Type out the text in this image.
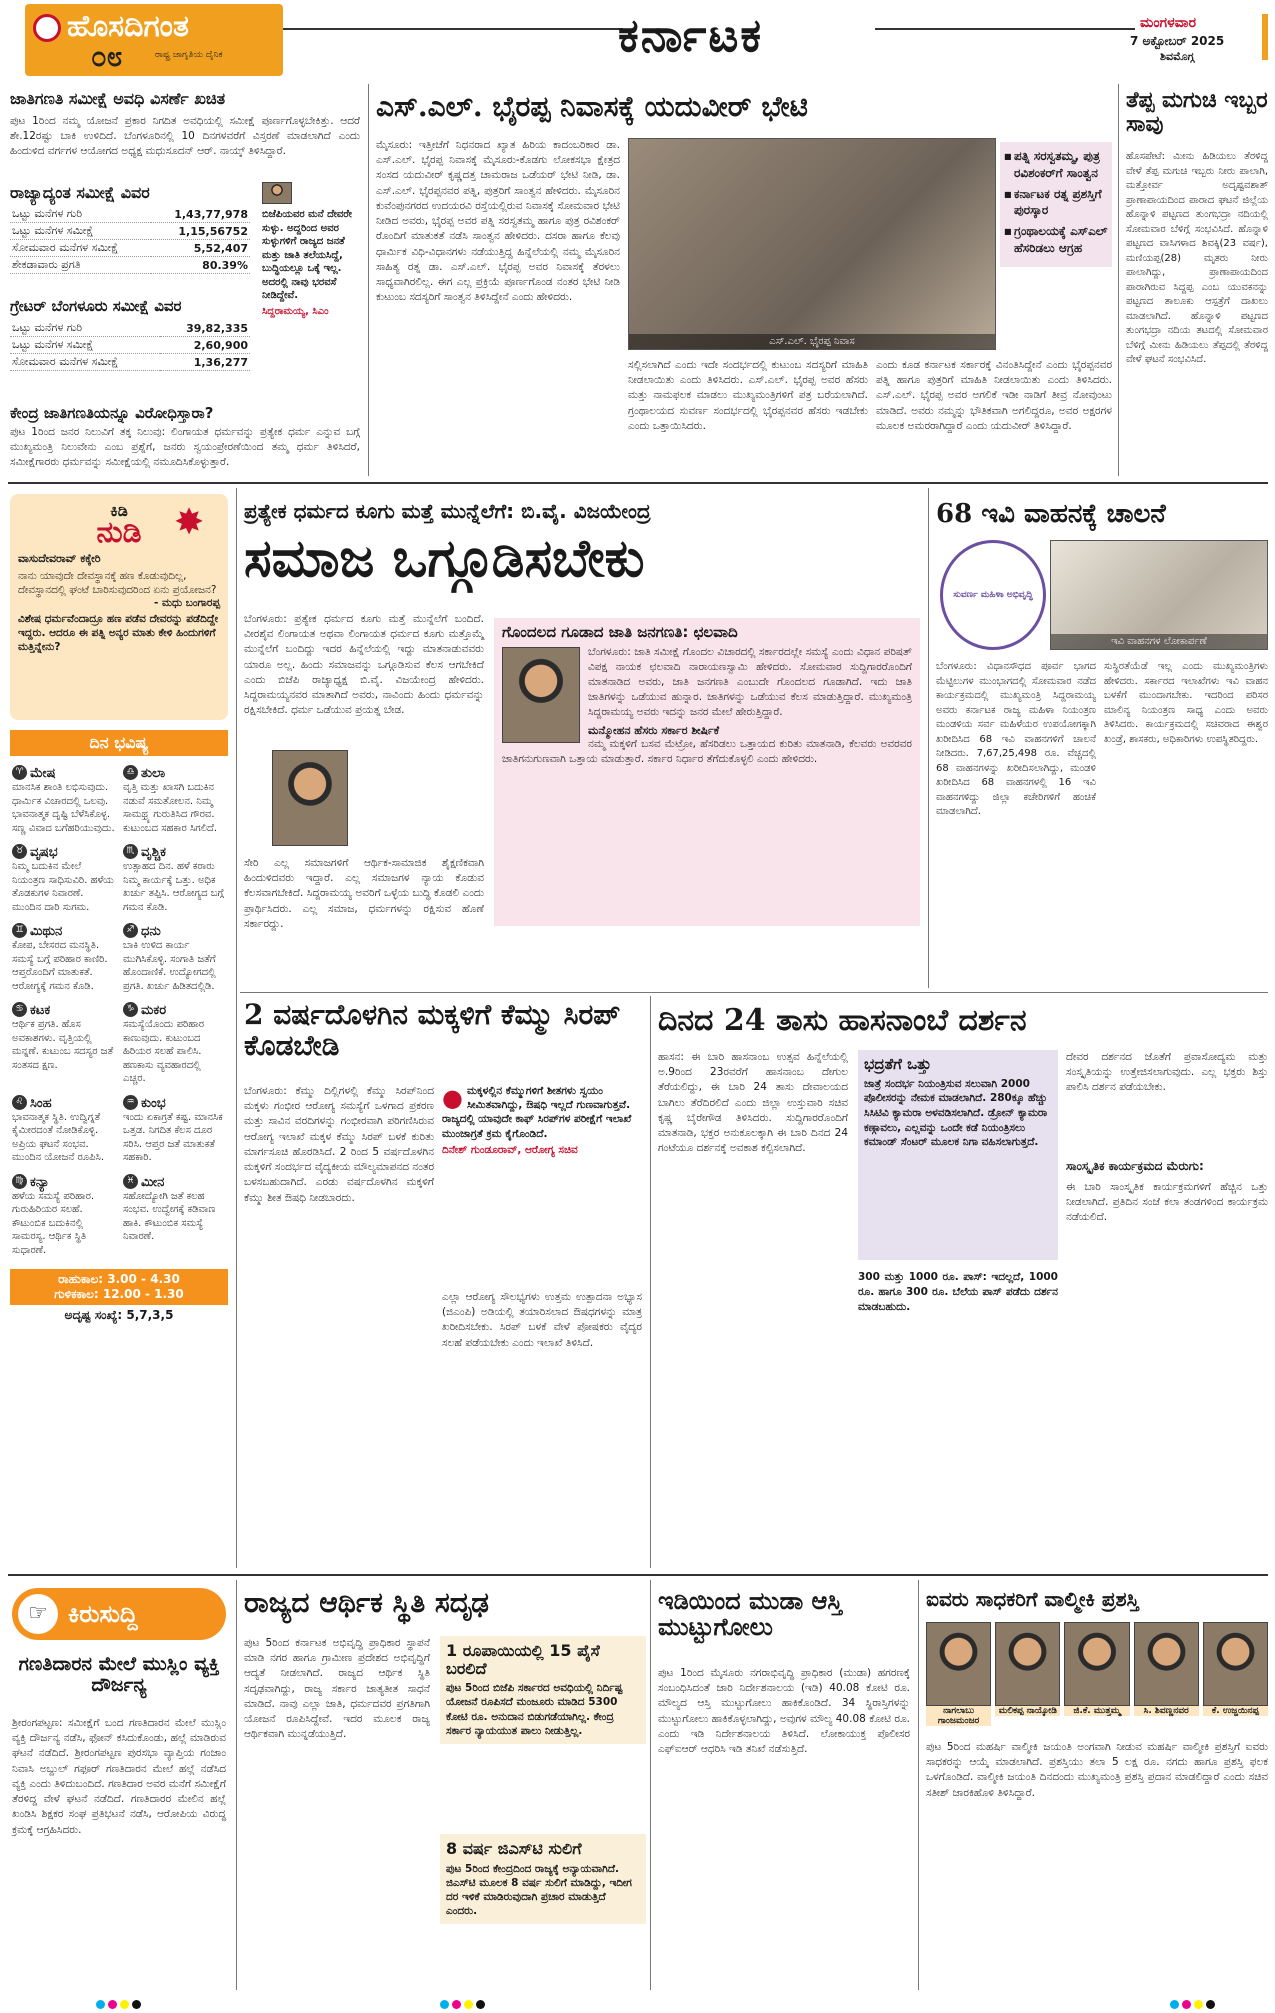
ಹೊಸದಿಗಂತ
ರಾಷ್ಟ್ರ ಜಾಗೃತಿಯ ದೈನಿಕ
೦೮	ಕರ್ನಾಟಕ	ಮಂಗಳವಾರ
7 ಅಕ್ಟೋಬರ್ 2025
ಶಿವಮೊಗ್ಗ
ಜಾತಿಗಣತಿ ಸಮೀಕ್ಷೆ ಅವಧಿ ವಿಸರ್ಣೆ ಖಚಿತ
ಪುಟ 1ರಿಂದ ನಮ್ಮ ಯೋಜನೆ ಪ್ರಕಾರ ನಿಗದಿತ ಅವಧಿಯಲ್ಲಿ ಸಮೀಕ್ಷೆ ಪೂರ್ಣಗೊಳ್ಳಬೇಕಿತ್ತು. ಆದರೆ ಶೇ.12ರಷ್ಟು ಬಾಕಿ ಉಳಿದಿದೆ. ಬೆಂಗಳೂರಿನಲ್ಲಿ 10 ದಿನಗಳವರೆಗೆ ವಿಸ್ತರಣೆ ಮಾಡಲಾಗಿದೆ ಎಂದು ಹಿಂದುಳಿದ ವರ್ಗಗಳ ಆಯೋಗದ ಅಧ್ಯಕ್ಷ ಮಧುಸೂದನ್ ಆರ್. ನಾಯ್ಕ್ ತಿಳಿಸಿದ್ದಾರೆ.
ರಾಜ್ಯಾದ್ಯಂತ ಸಮೀಕ್ಷೆ ವಿವರ
ಒಟ್ಟು ಮನೆಗಳ ಗುರಿ	1,43,77,978
ಒಟ್ಟು ಮನೆಗಳ ಸಮೀಕ್ಷೆ	1,15,56752
ಸೋಮವಾರ ಮನೆಗಳ ಸಮೀಕ್ಷೆ	5,52,407
ಶೇಕಡಾವಾರು ಪ್ರಗತಿ	80.39%
ಗ್ರೇಟರ್ ಬೆಂಗಳೂರು ಸಮೀಕ್ಷೆ ವಿವರ
ಒಟ್ಟು ಮನೆಗಳ ಗುರಿ	39,82,335
ಒಟ್ಟು ಮನೆಗಳ ಸಮೀಕ್ಷೆ	2,60,900
ಸೋಮವಾರ ಮನೆಗಳ ಸಮೀಕ್ಷೆ	1,36,277
ಬಿಜೆಪಿಯವರ ಮನೆ ದೇವರೇ ಸುಳ್ಳು. ಅದ್ದರಿಂದ ಅವರ ಸುಳ್ಳುಗಳಿಗೆ ರಾಜ್ಯದ ಜನತೆ ಮತ್ತು ಜಾತಿ ತಲೆಯಸಿದ್ದೆ, ಬುದ್ಧಿಯಲ್ಲೂ ಒಕ್ಕೆ ಇಲ್ಲ. ಅದರಲ್ಲಿ ನಾವು ಭರವಸೆ ನೀಡಿದ್ದೇವೆ.
ಸಿದ್ದರಾಮಯ್ಯ, ಸಿಎಂ
ಕೇಂದ್ರ ಜಾತಿಗಣತಿಯನ್ನೂ ವಿರೋಧಿಸ್ತಾರಾ?
ಪುಟ 1ರಿಂದ ಜನರ ನಿಲುವಿಗೆ ತಕ್ಕ ನಿಲುವು: ಲಿಂಗಾಯತ ಧರ್ಮವನ್ನು ಪ್ರತ್ಯೇಕ ಧರ್ಮ ಎನ್ನುವ ಬಗ್ಗೆ ಮುಖ್ಯಮಂತ್ರಿ ನಿಲುವೇನು ಎಂಬ ಪ್ರಶ್ನೆಗೆ, ಜನರು ಸ್ವಯಂಪ್ರೇರಣೆಯಿಂದ ತಮ್ಮ ಧರ್ಮ ತಿಳಿಸಿದರೆ, ಸಮೀಕ್ಷೆಗಾರರು ಧರ್ಮವನ್ನು ಸಮೀಕ್ಷೆಯಲ್ಲಿ ನಮೂದಿಸಿಕೊಳ್ಳುತ್ತಾರೆ.
ಎಸ್.ಎಲ್. ಭೈರಪ್ಪ ನಿವಾಸಕ್ಕೆ ಯದುವೀರ್ ಭೇಟಿ
ಮೈಸೂರು: ಇತ್ತೀಚೆಗೆ ನಿಧನರಾದ ಖ್ಯಾತ ಹಿರಿಯ ಕಾದಂಬರಿಕಾರ ಡಾ. ಎಸ್.ಎಲ್. ಭೈರಪ್ಪ ನಿವಾಸಕ್ಕೆ ಮೈಸೂರು-ಕೊಡಗು ಲೋಕಸಭಾ ಕ್ಷೇತ್ರದ ಸಂಸದ ಯದುವೀರ್ ಕೃಷ್ಣದತ್ತ ಚಾಮರಾಜ ಒಡೆಯರ್ ಭೇಟಿ ನೀಡಿ, ಡಾ. ಎಸ್.ಎಲ್. ಭೈರಪ್ಪನವರ ಪತ್ನಿ, ಪುತ್ರರಿಗೆ ಸಾಂತ್ವನ ಹೇಳಿದರು. ಮೈಸೂರಿನ ಕುವೆಂಪುನಗರದ ಉದಯರವಿ ರಸ್ತೆಯಲ್ಲಿರುವ ನಿವಾಸಕ್ಕೆ ಸೋಮವಾರ ಭೇಟಿ ನೀಡಿದ ಅವರು, ಭೈರಪ್ಪ ಅವರ ಪತ್ನಿ ಸರಸ್ವತಮ್ಮ ಹಾಗೂ ಪುತ್ರ ರವಿಶಂಕರ್ ರೊಂದಿಗೆ ಮಾತುಕತೆ ನಡೆಸಿ ಸಾಂತ್ವನ ಹೇಳಿದರು. ದಸರಾ ಹಾಗೂ ಕೆಲವು ಧಾರ್ಮಿಕ ವಿಧಿ-ವಿಧಾನಗಳು ನಡೆಯುತ್ತಿದ್ದ ಹಿನ್ನೆಲೆಯಲ್ಲಿ ನಮ್ಮ ಮೈಸೂರಿನ ಸಾಹಿತ್ಯ ರತ್ನ ಡಾ. ಎಸ್.ಎಲ್. ಭೈರಪ್ಪ ಅವರ ನಿವಾಸಕ್ಕೆ ತೆರಳಲು ಸಾಧ್ಯವಾಗಿರಲಿಲ್ಲ. ಈಗ ಎಲ್ಲ ಪ್ರಕ್ರಿಯೆ ಪೂರ್ಣಗೊಂಡ ನಂತರ ಭೇಟಿ ನೀಡಿ ಕುಟುಂಬ ಸದಸ್ಯರಿಗೆ ಸಾಂತ್ವನ ತಿಳಿಸಿದ್ದೇನೆ ಎಂದು ಹೇಳಿದರು.
ಎಸ್.ಎಲ್. ಭೈರಪ್ಪ ನಿವಾಸ
■ ಪತ್ನಿ ಸರಸ್ವತಮ್ಮ, ಪುತ್ರ ರವಿಶಂಕರ್‌ಗೆ ಸಾಂತ್ವನ
■ ಕರ್ನಾಟಕ ರತ್ನ ಪ್ರಶಸ್ತಿಗೆ ಪುರಸ್ಕಾರ
■ ಗ್ರಂಥಾಲಯಕ್ಕೆ ಎಸ್‌ಎಲ್‌ ಹೆಸರಿಡಲು ಆಗ್ರಹ
ಸಲ್ಲಿಸಲಾಗಿದೆ ಎಂದು ಇದೇ ಸಂದರ್ಭದಲ್ಲಿ ಕುಟುಂಬ ಸದಸ್ಯರಿಗೆ ಮಾಹಿತಿ ನೀಡಲಾಯಿತು ಎಂದು ತಿಳಿಸಿದರು. ಎಸ್.ಎಲ್. ಭೈರಪ್ಪ ಅವರ ಹೆಸರು ಮತ್ತು ನಾಮಫಲಕ ಮಾಡಲು ಮುಖ್ಯಮಂತ್ರಿಗಳಿಗೆ ಪತ್ರ ಬರೆಯಲಾಗಿದೆ. ಗ್ರಂಥಾಲಯದ ಸುವರ್ಣ ಸಂದರ್ಭದಲ್ಲಿ ಭೈರಪ್ಪನವರ ಹೆಸರು ಇಡಬೇಕು ಎಂದು ಒತ್ತಾಯಿಸಿದರು.
ಎಂದು ಕೂಡ ಕರ್ನಾಟಕ ಸರ್ಕಾರಕ್ಕೆ ವಿನಂತಿಸಿದ್ದೇನೆ ಎಂದು ಭೈರಪ್ಪನವರ ಪತ್ನಿ ಹಾಗೂ ಪುತ್ರರಿಗೆ ಮಾಹಿತಿ ನೀಡಲಾಯಿತು ಎಂದು ತಿಳಿಸಿದರು. ಎಸ್.ಎಲ್. ಭೈರಪ್ಪ ಅವರ ಅಗಲಿಕೆ ಇಡೀ ನಾಡಿಗೆ ತೀವ್ರ ನೋವುಂಟು ಮಾಡಿದೆ. ಅವರು ನಮ್ಮನ್ನು ಭೌತಿಕವಾಗಿ ಅಗಲಿದ್ದರೂ, ಅವರ ಅಕ್ಷರಗಳ ಮೂಲಕ ಅಮರರಾಗಿದ್ದಾರೆ ಎಂದು ಯದುವೀರ್ ತಿಳಿಸಿದ್ದಾರೆ.
ತೆಪ್ಪ ಮಗುಚಿ ಇಬ್ಬರ ಸಾವು
ಹೊಸಪೇಟೆ: ಮೀನು ಹಿಡಿಯಲು ತೆರಳಿದ್ದ ವೇಳೆ ತೆಪ್ಪ ಮಗುಚಿ ಇಬ್ಬರು ನೀರು ಪಾಲಾಗಿ, ಮತ್ತೋರ್ವ ಅದೃಷ್ಟವಶಾತ್ ಪ್ರಾಣಾಪಾಯದಿಂದ ಪಾರಾದ ಘಟನೆ ಜಿಲ್ಲೆಯ ಹೊನ್ನಾಳಿ ಪಟ್ಟಣದ ತುಂಗಭದ್ರಾ ನದಿಯಲ್ಲಿ ಸೋಮವಾರ ಬೆಳಿಗ್ಗೆ ಸಂಭವಿಸಿದೆ. ಹೊನ್ನಾಳಿ ಪಟ್ಟಣದ ವಾಸಿಗಳಾದ ಶಿವಕ್ಕಿ(23 ವರ್ಷ), ಮಣಿಯಪ್ಪ(28) ಮೃತರು ನೀರು ಪಾಲಾಗಿದ್ದು, ಪ್ರಾಣಾಪಾಯದಿಂದ ಪಾರಾಗಿರುವ ಸಿದ್ದಪ್ಪ ಎಂಬ ಯುವಕನನ್ನು ಪಟ್ಟಣದ ತಾಲೂಕು ಆಸ್ಪತ್ರೆಗೆ ದಾಖಲು ಮಾಡಲಾಗಿದೆ. ಹೊನ್ನಾಳಿ ಪಟ್ಟಣದ ತುಂಗಭದ್ರಾ ನದಿಯ ತಟದಲ್ಲಿ ಸೋಮವಾರ ಬೆಳಿಗ್ಗೆ ಮೀನು ಹಿಡಿಯಲು ತೆಪ್ಪದಲ್ಲಿ ತೆರಳಿದ್ದ ವೇಳೆ ಘಟನೆ ಸಂಭವಿಸಿದೆ.
ಕಿಡಿ
ನುಡಿ ✸
ವಾಸುದೇವರಾವ್ ಕಕ್ಕೇರಿ
ನಾನು ಯಾವುದೇ ದೇವಸ್ಥಾನಕ್ಕೆ ಹಣ ಕೊಡುವುದಿಲ್ಲ, ದೇವಸ್ಥಾನದಲ್ಲಿ ಘಂಟೆ ಬಾರಿಸುವುದರಿಂದ ಏನು ಪ್ರಯೋಜನ?
- ಮಧು ಬಂಗಾರಪ್ಪ
ವಿಶೇಷ ಧರ್ಮವೆಂದಾದ್ರೂ ಹಣ ಪಡೆವ ದೇವರನ್ನು ಪಡೆದಿದ್ದೇ ಇದ್ದರು. ಆದರೂ ಈ ಪತ್ನಿ ಅನ್ಯರ ಮಾತು ಕೇಳಿ ಹಿಂದುಗಳಿಗೆ ಮತ್ತಿನ್ನೇನು?
ದಿನ ಭವಿಷ್ಯ
♈ ಮೇಷ
ಮಾನಸಿಕ ಶಾಂತಿ ಲಭಿಸುವುದು. ಧಾರ್ಮಿಕ ವಿಚಾರದಲ್ಲಿ ಒಲವು. ಭಾವನಾತ್ಮಕ ದೃಷ್ಟಿ ಬೆಳೆಸಿಕೊಳ್ಳ. ಸಣ್ಣ ವಿವಾದ ಬಗೆಹರಿಯುವುದು.
♎ ತುಲಾ
ವೃತ್ತಿ ಮತ್ತು ಖಾಸಗಿ ಬದುಕಿನ ನಡುವೆ ಸಮತೋಲನ. ನಿಮ್ಮ ಸಾಮಥ್ರ್ಯ ಗುರುತಿಸಿದ ಗೌರವ. ಕುಟುಂಬದ ಸಹಕಾರ ಸಿಗಲಿದೆ.
♉ ವೃಷಭ
ನಿಮ್ಮ ಬದುಕಿನ ಮೇಲೆ ನಿಯಂತ್ರಣ ಸಾಧಿಸುವಿರಿ. ಹಳೆಯ ತೊಡಕುಗಳ ನಿವಾರಣೆ. ಮುಂದಿನ ದಾರಿ ಸುಗಮ.
♏ ವೃಶ್ಚಿಕ
ಉತ್ಸಾಹದ ದಿನ. ಹಳೆ ಕರಾರು ನಿಮ್ಮ ಕಾರ್ಯಕ್ಕೆ ಒತ್ತು. ಅಧಿಕ ಖರ್ಚು ತಪ್ಪಿಸಿ. ಆರೋಗ್ಯದ ಬಗ್ಗೆ ಗಮನ ಕೊಡಿ.
♊ ಮಿಥುನ
ಕೋಪ, ಬೇಸರದ ಮನಸ್ಥಿತಿ. ಸಮಸ್ಯೆ ಬಗ್ಗೆ ಪರಿಹಾರ ಕಾಣಿರಿ. ಆಪ್ತರೊಂದಿಗೆ ಮಾತುಕತೆ. ಆರೋಗ್ಯಕ್ಕೆ ಗಮನ ಕೊಡಿ.
♐ ಧನು
ಬಾಕಿ ಉಳಿದ ಕಾರ್ಯ ಮುಗಿಸಿಕೊಳ್ಳಿ. ಸಂಗಾತಿ ಜತೆಗೆ ಹೊಂದಾಣಿಕೆ. ಉದ್ಯೋಗದಲ್ಲಿ ಪ್ರಗತಿ. ಖರ್ಚು ಹಿಡಿತದಲ್ಲಿಡಿ.
♋ ಕಟಕ
ಆರ್ಥಿಕ ಪ್ರಗತಿ. ಹೊಸ ಅವಕಾಶಗಳು. ವೃತ್ತಿಯಲ್ಲಿ ಮನ್ನಣೆ. ಕುಟುಂಬ ಸದಸ್ಯರ ಜತೆ ಸಂತಸದ ಕ್ಷಣ.
♑ ಮಕರ
ಸಮಸ್ಯೆಯೊಂದು ಪರಿಹಾರ ಕಾಣುವುದು. ಕುಟುಂಬದ ಹಿರಿಯರ ಸಲಹೆ ಪಾಲಿಸಿ. ಹಣಕಾಸು ವ್ಯವಹಾರದಲ್ಲಿ ಎಚ್ಚರ.
♌ ಸಿಂಹ
ಭಾವನಾತ್ಮಕ ಸ್ಥಿತಿ. ಉದ್ವಿಗ್ನತೆ ಕೈಮೀರದಂತೆ ನೋಡಿಕೊಳ್ಳಿ. ಅಪ್ರಿಯ ಘಟನೆ ಸಂಭವ. ಮುಂದಿನ ಯೋಜನೆ ರೂಪಿಸಿ.
♒ ಕುಂಭ
ಇಂದು ಏಕಾಗ್ರತೆ ಕಷ್ಟ. ಮಾನಸಿಕ ಒತ್ತಡ. ನಿಗದಿತ ಕೆಲಸ ದೂರ ಸರಿಸಿ. ಆಪ್ತರ ಜತೆ ಮಾತುಕತೆ ಸಹಕಾರಿ.
♍ ಕನ್ಯಾ
ಹಳೆಯ ಸಮಸ್ಯೆ ಪರಿಹಾರ. ಗುರುಹಿರಿಯರ ಸಲಹೆ. ಕೌಟುಂಬಿಕ ಬದುಕಿನಲ್ಲಿ ಸಾಮರಸ್ಯ. ಆರ್ಥಿಕ ಸ್ಥಿತಿ ಸುಧಾರಣೆ.
♓ ಮೀನ
ಸಹೋದ್ಯೋಗಿ ಜತೆ ಕಲಹ ಸಂಭವ. ಉದ್ವೇಗಕ್ಕೆ ಕಡಿವಾಣ ಹಾಕಿ. ಕೌಟುಂಬಿಕ ಸಮಸ್ಯೆ ನಿವಾರಣೆ.
ರಾಹುಕಾಲ: 3.00 - 4.30
ಗುಳಿಕಕಾಲ: 12.00 - 1.30
ಅದೃಷ್ಟ ಸಂಖ್ಯೆ: 5,7,3,5
ಪ್ರತ್ಯೇಕ ಧರ್ಮದ ಕೂಗು ಮತ್ತೆ ಮುನ್ನೆಲೆಗೆ: ಬಿ.ವೈ. ವಿಜಯೇಂದ್ರ
ಸಮಾಜ ಒಗ್ಗೂಡಿಸಬೇಕು
ಬೆಂಗಳೂರು: ಪ್ರತ್ಯೇಕ ಧರ್ಮದ ಕೂಗು ಮತ್ತೆ ಮುನ್ನೆಲೆಗೆ ಬಂದಿದೆ. ವೀರಶೈವ ಲಿಂಗಾಯತ ಅಥವಾ ಲಿಂಗಾಯತ ಧರ್ಮದ ಕೂಗು ಮತ್ತೊಮ್ಮೆ ಮುನ್ನೆಲೆಗೆ ಬಂದಿದ್ದು ಇದರ ಹಿನ್ನೆಲೆಯಲ್ಲಿ ಇದ್ದು ಮಾತನಾಡುವವರು ಯಾರೂ ಅಲ್ಲ. ಹಿಂದು ಸಮಾಜವನ್ನು ಒಗ್ಗೂಡಿಸುವ ಕೆಲಸ ಆಗಬೇಕಿದೆ ಎಂದು ಬಿಜೆಪಿ ರಾಜ್ಯಾಧ್ಯಕ್ಷ ಬಿ.ವೈ. ವಿಜಯೇಂದ್ರ ಹೇಳಿದರು. ಸಿದ್ದರಾಮಯ್ಯನವರ ಮಾತಾಗಿದೆ ಅವರು, ನಾವಿಂದು ಹಿಂದು ಧರ್ಮವನ್ನು ರಕ್ಷಿಸಬೇಕಿದೆ. ಧರ್ಮ ಒಡೆಯುವ ಪ್ರಯತ್ನ ಬೇಡ.
ಸೇರಿ ಎಲ್ಲ ಸಮಾಜಗಳಿಗೆ ಆರ್ಥಿಕ-ಸಾಮಾಜಿಕ ಶೈಕ್ಷಣಿಕವಾಗಿ ಹಿಂದುಳಿದವರು ಇದ್ದಾರೆ. ಎಲ್ಲ ಸಮಾಜಗಳ ನ್ಯಾಯ ಕೊಡುವ ಕೆಲಸವಾಗಬೇಕಿದೆ. ಸಿದ್ದರಾಮಯ್ಯ ಅವರಿಗೆ ಒಳ್ಳೆಯ ಬುದ್ಧಿ ಕೊಡಲಿ ಎಂದು ಪ್ರಾರ್ಥಿಸಿದರು. ಎಲ್ಲ ಸಮಾಜ, ಧರ್ಮಗಳನ್ನು ರಕ್ಷಿಸುವ ಹೊಣೆ ಸರ್ಕಾರದ್ದು.
ಗೊಂದಲದ ಗೂಡಾದ ಜಾತಿ ಜನಗಣತಿ: ಛಲವಾದಿ
ಬೆಂಗಳೂರು: ಜಾತಿ ಸಮೀಕ್ಷೆ ಗೊಂದಲ ವಿಚಾರದಲ್ಲಿ ಸರ್ಕಾರದಲ್ಲೇ ಸಮಸ್ಯೆ ಎಂದು ವಿಧಾನ ಪರಿಷತ್ ವಿಪಕ್ಷ ನಾಯಕ ಛಲವಾದಿ ನಾರಾಯಣಸ್ವಾಮಿ ಹೇಳಿದರು. ಸೋಮವಾರ ಸುದ್ದಿಗಾರರೊಂದಿಗೆ ಮಾತನಾಡಿದ ಅವರು, ಜಾತಿ ಜನಗಣತಿ ಎಂಬುದೇ ಗೊಂದಲದ ಗೂಡಾಗಿದೆ. ಇದು ಜಾತಿ ಜಾತಿಗಳನ್ನು ಒಡೆಯುವ ಹುನ್ನಾರ. ಜಾತಿಗಳನ್ನು ಒಡೆಯುವ ಕೆಲಸ ಮಾಡುತ್ತಿದ್ದಾರೆ. ಮುಖ್ಯಮಂತ್ರಿ ಸಿದ್ದರಾಮಯ್ಯ ಅವರು ಇದನ್ನು ಜನರ ಮೇಲೆ ಹೇರುತ್ತಿದ್ದಾರೆ.
ಮನ್ಮೋಹನ ಹೆಸರು ಸರ್ಕಾರ ಶೀರ್ಷಿಕೆ
ನಮ್ಮ ಮಕ್ಕಳಿಗೆ ಬಸವ ಮೆಟ್ರೋ, ಹೆಸರಿಡಲು ಒತ್ತಾಯದ ಕುರಿತು ಮಾತನಾಡಿ, ಕೆಲವರು ಅವರವರ ಜಾತಿಗನುಗುಣವಾಗಿ ಒತ್ತಾಯ ಮಾಡುತ್ತಾರೆ. ಸರ್ಕಾರ ನಿರ್ಧಾರ ತೆಗೆದುಕೊಳ್ಳಲಿ ಎಂದು ಹೇಳಿದರು.
68 ಇವಿ ವಾಹನಕ್ಕೆ ಚಾಲನೆ
ಸುವರ್ಣ ಮಹಿಳಾ ಅಭಿವೃದ್ಧಿ
ಇವಿ ವಾಹನಗಳ ಲೋಕಾರ್ಪಣೆ
ಬೆಂಗಳೂರು: ವಿಧಾನಸೌಧದ ಪೂರ್ವ ಭಾಗದ ಮೆಟ್ಟಿಲುಗಳ ಮುಂಭಾಗದಲ್ಲಿ ಸೋಮವಾರ ನಡೆದ ಕಾರ್ಯಕ್ರಮದಲ್ಲಿ ಮುಖ್ಯಮಂತ್ರಿ ಸಿದ್ದರಾಮಯ್ಯ ಅವರು ಕರ್ನಾಟಕ ರಾಜ್ಯ ಮಹಿಳಾ ನಿಯಂತ್ರಣ ಮಂಡಳಿಯ ಸರ್ವ ಮಹಿಳೆಯರ ಉಪಯೋಗಕ್ಕಾಗಿ ಖರೀದಿಸಿದ 68 ಇವಿ ವಾಹನಗಳಿಗೆ ಚಾಲನೆ ನೀಡಿದರು. 7,67,25,498 ರೂ. ವೆಚ್ಚದಲ್ಲಿ 68 ವಾಹನಗಳನ್ನು ಖರೀದಿಸಲಾಗಿದ್ದು, ಮಂಡಳಿ ಖರೀದಿಸಿದ 68 ವಾಹನಗಳಲ್ಲಿ 16 ಇವಿ ವಾಹನಗಳಿದ್ದು ಜಿಲ್ಲಾ ಕಚೇರಿಗಳಿಗೆ ಹಂಚಿಕೆ ಮಾಡಲಾಗಿದೆ.
ಸುಸ್ಥಿರತೆಯೆಡೆ ಇಲ್ಲ ಎಂದು ಮುಖ್ಯಮಂತ್ರಿಗಳು ಹೇಳಿದರು. ಸರ್ಕಾರದ ಇಲಾಖೆಗಳು ಇವಿ ವಾಹನ ಬಳಕೆಗೆ ಮುಂದಾಗಬೇಕು. ಇದರಿಂದ ಪರಿಸರ ಮಾಲಿನ್ಯ ನಿಯಂತ್ರಣ ಸಾಧ್ಯ ಎಂದು ಅವರು ತಿಳಿಸಿದರು. ಕಾರ್ಯಕ್ರಮದಲ್ಲಿ ಸಚಿವರಾದ ಈಶ್ವರ ಖಂಡ್ರೆ, ಶಾಸಕರು, ಅಧಿಕಾರಿಗಳು ಉಪಸ್ಥಿತರಿದ್ದರು.
2 ವರ್ಷದೊಳಗಿನ ಮಕ್ಕಳಿಗೆ ಕೆಮ್ಮು ಸಿರಪ್ ಕೊಡಬೇಡಿ
ಬೆಂಗಳೂರು: ಕೆಮ್ಮು ದಿಲ್ಲಿಗಳಲ್ಲಿ ಕೆಮ್ಮು ಸಿರಪ್‌ನಿಂದ ಮಕ್ಕಳು ಗಂಭೀರ ಆರೋಗ್ಯ ಸಮಸ್ಯೆಗೆ ಒಳಗಾದ ಪ್ರಕರಣ ಮತ್ತು ಸಾವಿನ ವರದಿಗಳನ್ನು ಗಂಭೀರವಾಗಿ ಪರಿಗಣಿಸಿರುವ ಆರೋಗ್ಯ ಇಲಾಖೆ ಮಕ್ಕಳ ಕೆಮ್ಮು ಸಿರಪ್ ಬಳಕೆ ಕುರಿತು ಮಾರ್ಗಸೂಚಿ ಹೊರಡಿಸಿದೆ. 2 ರಿಂದ 5 ವರ್ಷದೊಳಗಿನ ಮಕ್ಕಳಿಗೆ ಸಂದರ್ಭದ ವೈದ್ಯಕೀಯ ಮೌಲ್ಯಮಾಪನದ ನಂತರ ಬಳಸಬಹುದಾಗಿದೆ. ಎರಡು ವರ್ಷದೊಳಗಿನ ಮಕ್ಕಳಿಗೆ ಕೆಮ್ಮು ಶೀತ ಔಷಧಿ ನೀಡಬಾರದು.
● ಮಕ್ಕಳಲ್ಲಿನ ಕೆಮ್ಮುಗಳಿಗೆ ಶೀತಗಳು ಸ್ವಯಂ ಸೀಮಿತವಾಗಿದ್ದು, ಔಷಧಿ ಇಲ್ಲದೆ ಗುಣವಾಗುತ್ತವೆ. ರಾಜ್ಯದಲ್ಲಿ ಯಾವುದೇ ಕಾಫ್ ಸಿರಪ್‌ಗಳ ಪರೀಕ್ಷೆಗೆ ಇಲಾಖೆ ಮುಂಜಾಗ್ರತೆ ಕ್ರಮ ಕೈಗೊಂಡಿದೆ.
ದಿನೇಶ್ ಗುಂಡೂರಾವ್, ಆರೋಗ್ಯ ಸಚಿವ
ಎಲ್ಲಾ ಆರೋಗ್ಯ ಸೌಲಭ್ಯಗಳು ಉತ್ತಮ ಉತ್ಪಾದನಾ ಅಭ್ಯಾಸ (ಜಿಎಂಪಿ) ಅಡಿಯಲ್ಲಿ ತಯಾರಿಸಲಾದ ಔಷಧಗಳನ್ನು ಮಾತ್ರ ಖರೀದಿಸಬೇಕು. ಸಿರಪ್ ಬಳಕೆ ವೇಳೆ ಪೋಷಕರು ವೈದ್ಯರ ಸಲಹೆ ಪಡೆಯಬೇಕು ಎಂದು ಇಲಾಖೆ ತಿಳಿಸಿದೆ.
ದಿನದ 24 ತಾಸು ಹಾಸನಾಂಬೆ ದರ್ಶನ
ಹಾಸನ: ಈ ಬಾರಿ ಹಾಸನಾಂಬ ಉತ್ಸವ ಹಿನ್ನೆಲೆಯಲ್ಲಿ ಅ.9ರಿಂದ 23ರವರೆಗೆ ಹಾಸನಾಂಬ ದೇಗುಲ ತೆರೆಯಲಿದ್ದು, ಈ ಬಾರಿ 24 ತಾಸು ದೇವಾಲಯದ ಬಾಗಿಲು ತೆರೆದಿರಲಿದೆ ಎಂದು ಜಿಲ್ಲಾ ಉಸ್ತುವಾರಿ ಸಚಿವ ಕೃಷ್ಣ ಬೈರೇಗೌಡ ತಿಳಿಸಿದರು. ಸುದ್ದಿಗಾರರೊಂದಿಗೆ ಮಾತನಾಡಿ, ಭಕ್ತರ ಅನುಕೂಲಕ್ಕಾಗಿ ಈ ಬಾರಿ ದಿನದ 24 ಗಂಟೆಯೂ ದರ್ಶನಕ್ಕೆ ಅವಕಾಶ ಕಲ್ಪಿಸಲಾಗಿದೆ.
ಭದ್ರತೆಗೆ ಒತ್ತು
ಜಾತ್ರೆ ಸಂದರ್ಭ ನಿಯಂತ್ರಿಸುವ ಸಲುವಾಗಿ 2000 ಪೊಲೀಸರನ್ನು ನೇಮಕ ಮಾಡಲಾಗಿದೆ. 280ಕ್ಕೂ ಹೆಚ್ಚು ಸಿಸಿಟಿವಿ ಕ್ಯಾಮರಾ ಅಳವಡಿಸಲಾಗಿದೆ. ಡ್ರೋನ್ ಕ್ಯಾಮರಾ ಕಣ್ಗಾವಲು, ಎಲ್ಲವನ್ನು ಒಂದೇ ಕಡೆ ನಿಯಂತ್ರಿಸಲು ಕಮಾಂಡ್ ಸೆಂಟರ್ ಮೂಲಕ ನಿಗಾ ವಹಿಸಲಾಗುತ್ತದೆ.
ದೇವರ ದರ್ಶನದ ಜೊತೆಗೆ ಪ್ರವಾಸೋದ್ಯಮ ಮತ್ತು ಸಂಸ್ಕೃತಿಯನ್ನು ಉತ್ತೇಜಿಸಲಾಗುವುದು. ಎಲ್ಲ ಭಕ್ತರು ಶಿಸ್ತು ಪಾಲಿಸಿ ದರ್ಶನ ಪಡೆಯಬೇಕು.
300 ಮತ್ತು 1000 ರೂ. ಪಾಸ್: ಇದಲ್ಲದೆ, 1000 ರೂ. ಹಾಗೂ 300 ರೂ. ಬೆಲೆಯ ಪಾಸ್ ಪಡೆದು ದರ್ಶನ ಮಾಡಬಹುದು.
ಸಾಂಸ್ಕೃತಿಕ ಕಾರ್ಯಕ್ರಮದ ಮೆರುಗು:
ಈ ಬಾರಿ ಸಾಂಸ್ಕೃತಿಕ ಕಾರ್ಯಕ್ರಮಗಳಿಗೆ ಹೆಚ್ಚಿನ ಒತ್ತು ನೀಡಲಾಗಿದೆ. ಪ್ರತಿದಿನ ಸಂಜೆ ಕಲಾ ತಂಡಗಳಿಂದ ಕಾರ್ಯಕ್ರಮ ನಡೆಯಲಿದೆ.
☞ ಕಿರುಸುದ್ದಿ
ಗಣತಿದಾರನ ಮೇಲೆ ಮುಸ್ಲಿಂ ವ್ಯಕ್ತಿ ದೌರ್ಜನ್ಯ
ಶ್ರೀರಂಗಪಟ್ಟಣ: ಸಮೀಕ್ಷೆಗೆ ಬಂದ ಗಣತಿದಾರನ ಮೇಲೆ ಮುಸ್ಲಿಂ ವ್ಯಕ್ತಿ ದೌರ್ಜನ್ಯ ನಡೆಸಿ, ಫೋನ್ ಕಸಿದುಕೊಂಡು, ಹಲ್ಲೆ ಮಾಡಿರುವ ಘಟನೆ ನಡೆದಿದೆ. ಶ್ರೀರಂಗಪಟ್ಟಣ ಪುರಸಭಾ ವ್ಯಾಪ್ತಿಯ ಗಂಜಾಂ ನಿವಾಸಿ ಅಬ್ದುಲ್ ಗಫೂರ್ ಗಣತಿದಾರನ ಮೇಲೆ ಹಲ್ಲೆ ನಡೆಸಿದ ವ್ಯಕ್ತಿ ಎಂದು ತಿಳಿದುಬಂದಿದೆ. ಗಣತಿದಾರ ಅವರ ಮನೆಗೆ ಸಮೀಕ್ಷೆಗೆ ತೆರಳಿದ್ದ ವೇಳೆ ಘಟನೆ ನಡೆದಿದೆ. ಗಣತಿದಾರರ ಮೇಲಿನ ಹಲ್ಲೆ ಖಂಡಿಸಿ ಶಿಕ್ಷಕರ ಸಂಘ ಪ್ರತಿಭಟನೆ ನಡೆಸಿ, ಆರೋಪಿಯ ವಿರುದ್ಧ ಕ್ರಮಕ್ಕೆ ಆಗ್ರಹಿಸಿದರು.
ರಾಜ್ಯದ ಆರ್ಥಿಕ ಸ್ಥಿತಿ ಸದೃಢ
ಪುಟ 5ರಿಂದ ಕರ್ನಾಟಕ ಅಭಿವೃದ್ಧಿ ಪ್ರಾಧಿಕಾರ ಸ್ಥಾಪನೆ ಮಾಡಿ ನಗರ ಹಾಗೂ ಗ್ರಾಮೀಣ ಪ್ರದೇಶದ ಅಭಿವೃದ್ಧಿಗೆ ಆದ್ಯತೆ ನೀಡಲಾಗಿದೆ. ರಾಜ್ಯದ ಆರ್ಥಿಕ ಸ್ಥಿತಿ ಸದೃಢವಾಗಿದ್ದು, ರಾಜ್ಯ ಸರ್ಕಾರ ಜಾತ್ಯತೀತ ಸಾಧನೆ ಮಾಡಿದೆ. ನಾವು ಎಲ್ಲಾ ಜಾತಿ, ಧರ್ಮದವರ ಪ್ರಗತಿಗಾಗಿ ಯೋಜನೆ ರೂಪಿಸಿದ್ದೇವೆ. ಇದರ ಮೂಲಕ ರಾಜ್ಯ ಆರ್ಥಿಕವಾಗಿ ಮುನ್ನಡೆಯುತ್ತಿದೆ.
1 ರೂಪಾಯಿಯಲ್ಲಿ 15 ಪೈಸೆ ಬರಲಿದೆ
ಪುಟ 5ರಿಂದ ಬಿಜೆಪಿ ಸರ್ಕಾರದ ಅವಧಿಯಲ್ಲಿ ನಿರ್ದಿಷ್ಟ ಯೋಜನೆ ರೂಪಿಸದೆ ಮಂಜೂರು ಮಾಡಿದ 5300 ಕೋಟಿ ರೂ. ಅನುದಾನ ಬಿಡುಗಡೆಯಾಗಿಲ್ಲ. ಕೇಂದ್ರ ಸರ್ಕಾರ ನ್ಯಾಯಯುತ ಪಾಲು ನೀಡುತ್ತಿಲ್ಲ.
8 ವರ್ಷ ಜಿಎಸ್‌ಟಿ ಸುಲಿಗೆ
ಪುಟ 5ರಿಂದ ಕೇಂದ್ರದಿಂದ ರಾಜ್ಯಕ್ಕೆ ಅನ್ಯಾಯವಾಗಿದೆ. ಜಿಎಸ್‌ಟಿ ಮೂಲಕ 8 ವರ್ಷ ಸುಲಿಗೆ ಮಾಡಿದ್ದು, ಇದೀಗ ದರ ಇಳಿಕೆ ಮಾಡಿರುವುದಾಗಿ ಪ್ರಚಾರ ಮಾಡುತ್ತಿದೆ ಎಂದರು.
ಇಡಿಯಿಂದ ಮುಡಾ ಆಸ್ತಿ ಮುಟ್ಟುಗೋಲು
ಪುಟ 1ರಿಂದ ಮೈಸೂರು ನಗರಾಭಿವೃದ್ಧಿ ಪ್ರಾಧಿಕಾರ (ಮುಡಾ) ಹಗರಣಕ್ಕೆ ಸಂಬಂಧಿಸಿದಂತೆ ಜಾರಿ ನಿರ್ದೇಶನಾಲಯ (ಇಡಿ) 40.08 ಕೋಟಿ ರೂ. ಮೌಲ್ಯದ ಆಸ್ತಿ ಮುಟ್ಟುಗೋಲು ಹಾಕಿಕೊಂಡಿದೆ. 34 ಸ್ಥಿರಾಸ್ತಿಗಳನ್ನು ಮುಟ್ಟುಗೋಲು ಹಾಕಿಕೊಳ್ಳಲಾಗಿದ್ದು, ಅವುಗಳ ಮೌಲ್ಯ 40.08 ಕೋಟಿ ರೂ. ಎಂದು ಇಡಿ ನಿರ್ದೇಶನಾಲಯ ತಿಳಿಸಿದೆ. ಲೋಕಾಯುಕ್ತ ಪೊಲೀಸರ ಎಫ್‌ಐಆರ್ ಆಧರಿಸಿ ಇಡಿ ತನಿಖೆ ನಡೆಸುತ್ತಿದೆ.
ಐವರು ಸಾಧಕರಿಗೆ ವಾಲ್ಮೀಕಿ ಪ್ರಶಸ್ತಿ
ನಾಗಲಾಬು ಗಾಂಜಮಂಜರ
ಮಲಿಕಪ್ಪ ನಾಯ್ಕೋಡಿ	ಜಿ.ಕೆ. ಮುತ್ತಮ್ಮ	ಸಿ. ಶಿವಣ್ಣನವರ	ಕೆ. ಉಜ್ಜಯಿನಪ್ಪ
ಪುಟ 5ರಿಂದ ಮಹರ್ಷಿ ವಾಲ್ಮೀಕಿ ಜಯಂತಿ ಅಂಗವಾಗಿ ನೀಡುವ ಮಹರ್ಷಿ ವಾಲ್ಮೀಕಿ ಪ್ರಶಸ್ತಿಗೆ ಐವರು ಸಾಧಕರನ್ನು ಆಯ್ಕೆ ಮಾಡಲಾಗಿದೆ. ಪ್ರಶಸ್ತಿಯು ತಲಾ 5 ಲಕ್ಷ ರೂ. ನಗದು ಹಾಗೂ ಪ್ರಶಸ್ತಿ ಫಲಕ ಒಳಗೊಂಡಿದೆ. ವಾಲ್ಮೀಕಿ ಜಯಂತಿ ದಿನದಂದು ಮುಖ್ಯಮಂತ್ರಿ ಪ್ರಶಸ್ತಿ ಪ್ರದಾನ ಮಾಡಲಿದ್ದಾರೆ ಎಂದು ಸಚಿವ ಸತೀಶ್ ಜಾರಕಿಹೊಳಿ ತಿಳಿಸಿದ್ದಾರೆ.
